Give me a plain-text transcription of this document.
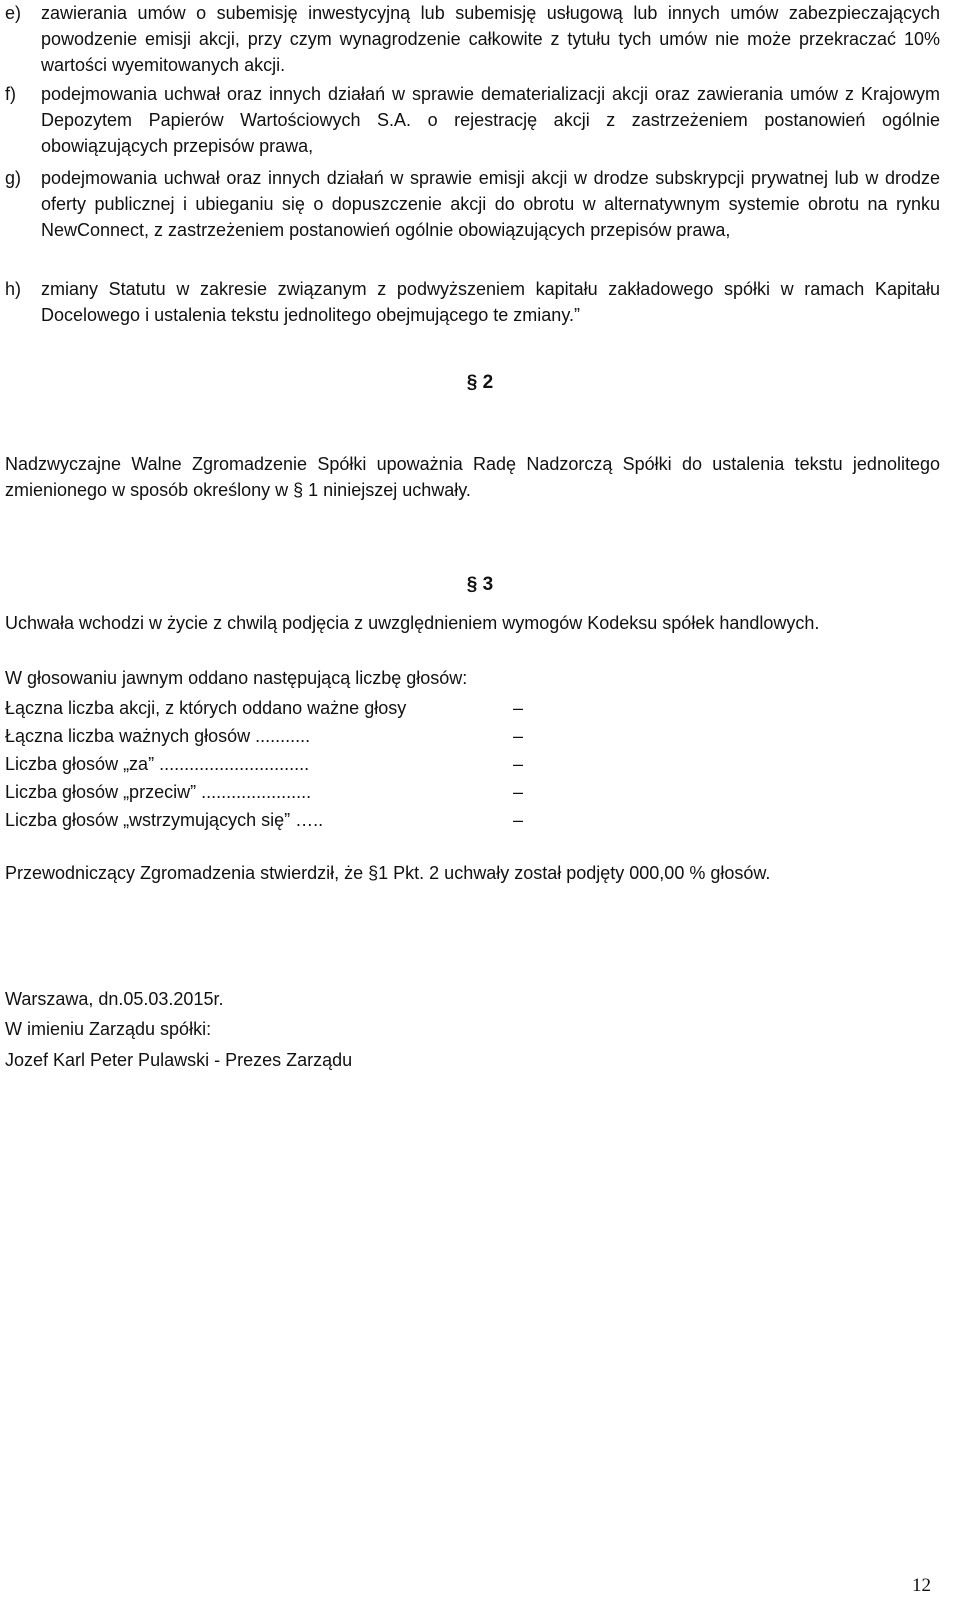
e) zawierania umów o subemisję inwestycyjną lub subemisję usługową lub innych umów zabezpieczających powodzenie emisji akcji, przy czym wynagrodzenie całkowite z tytułu tych umów nie może przekraczać 10% wartości wyemitowanych akcji.
f) podejmowania uchwał oraz innych działań w sprawie dematerializacji akcji oraz zawierania umów z Krajowym Depozytem Papierów Wartościowych S.A. o rejestrację akcji z zastrzeżeniem postanowień ogólnie obowiązujących przepisów prawa,
g) podejmowania uchwał oraz innych działań w sprawie emisji akcji w drodze subskrypcji prywatnej lub w drodze oferty publicznej i ubieganiu się o dopuszczenie akcji do obrotu w alternatywnym systemie obrotu na rynku NewConnect, z zastrzeżeniem postanowień ogólnie obowiązujących przepisów prawa,
h) zmiany Statutu w zakresie związanym z podwyższeniem kapitału zakładowego spółki w ramach Kapitału Docelowego i ustalenia tekstu jednolitego obejmującego te zmiany.”
§ 2
Nadzwyczajne Walne Zgromadzenie Spółki upoważnia Radę Nadzorczą Spółki do ustalenia tekstu jednolitego zmienionego w sposób określony w § 1 niniejszej uchwały.
§ 3
Uchwała wchodzi w życie z chwilą podjęcia z uwzględnieniem wymogów Kodeksu spółek handlowych.
W głosowaniu jawnym oddano następującą liczbę głosów:
Łączna liczba akcji, z których oddano ważne głosy	–
Łączna liczba ważnych głosów ...........	–
Liczba głosów „za” ..............................	–
Liczba głosów „przeciw” ......................	–
Liczba głosów „wstrzymujących się” …..	–
Przewodniczący Zgromadzenia stwierdził, że §1 Pkt. 2 uchwały został podjęty 000,00 % głosów.
Warszawa, dn.05.03.2015r.
W imieniu Zarządu spółki:
Jozef Karl Peter Pulawski - Prezes Zarządu
12
